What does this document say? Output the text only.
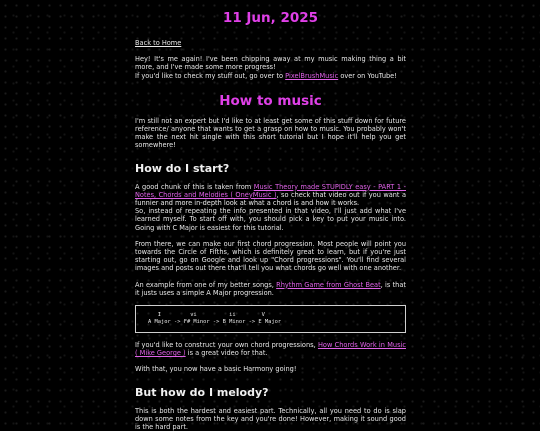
11 Jun, 2025

Back to Home

Hey! It's me again! I've been chipping away at my music making thing a bit more, and I've made some more progress!
If you'd like to check my stuff out, go over to PixelBrushMusic over on YouTube!

How to music

I'm still not an expert but I'd like to at least get some of this stuff down for future reference/ anyone that wants to get a grasp on how to music. You probably won't make the next hit single with this short tutorial but I hope it'll help you get somewhere!

How do I start?

A good chunk of this is taken from Music Theory made STUPIDLY easy - PART 1 - Notes, Chords and Melodies ( OneyMusic ), so check that video out if you want a funnier and more in-depth look at what a chord is and how it works.
So, instead of repeating the info presented in that video, I'll just add what I've learned myself. To start off with, you should pick a key to put your music into. Going with C Major is easiest for this tutorial.

From there, we can make our first chord progression. Most people will point you towards the Circle of Fifths, which is definitely great to learn, but if you're just starting out, go on Google and look up "Chord progressions". You'll find several images and posts out there that'll tell you what chords go well with one another.

An example from one of my better songs, Rhythm Game from Ghost Beat, is that it justs uses a simple A Major progression.

I         vi          ii        V

A Major -> F# Minor -> B Minor -> E Major

If you'd like to construct your own chord progressions, How Chords Work in Music ( Mike George ) is a great video for that.

With that, you now have a basic Harmony going!

But how do I melody?

This is both the hardest and easiest part. Technically, all you need to do is slap down some notes from the key and you're done! However, making it sound good is the hard part.
